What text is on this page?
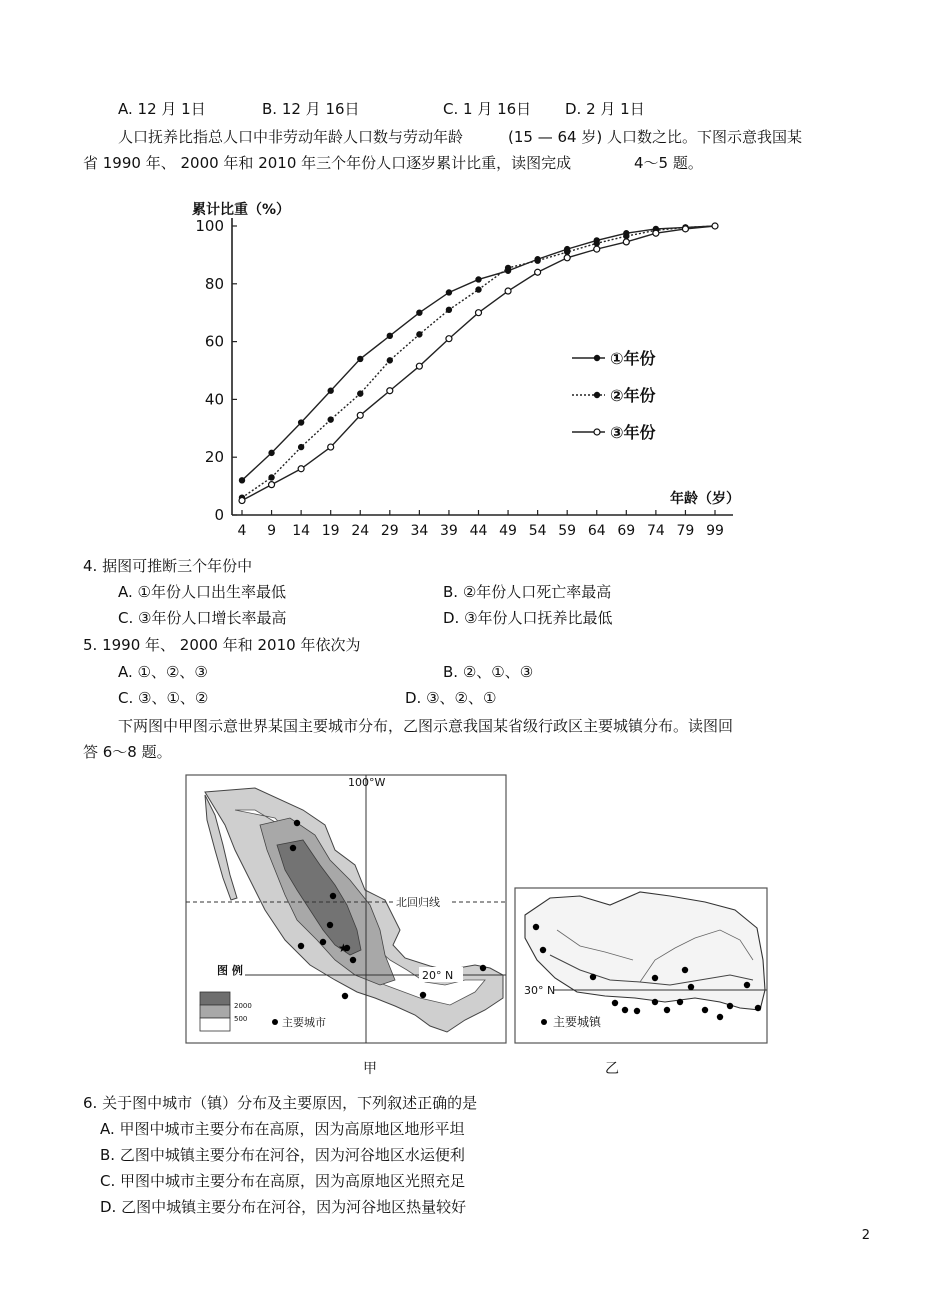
A. 12 月 1日	B. 12 月 16日	C. 1 月 16日 D. 2 月 1日
人口抚养比指总人口中非劳动年龄人口数与劳动年龄	(15 — 64 岁) 人口数之比。下图示意我国某
省 1990 年、 2000 年和 2010 年三个年份人口逐岁累计比重，读图完成	4～5 题。
0
20
40
60
80
100
4 9 14 19 24 29 34 39 44 49 54 59 64 69 74 79 99
累计比重（%）
年龄（岁）
①年份
②年份
③年份
4. 据图可推断三个年份中
A. ①年份人口出生率最低	B. ②年份人口死亡率最高
C. ③年份人口增长率最高	D. ③年份人口抚养比最低
5. 1990 年、 2000 年和 2010 年依次为
A. ①、②、③	B. ②、①、③
C. ③、①、②	D. ③、②、①
下两图中甲图示意世界某国主要城市分布，乙图示意我国某省级行政区主要城镇分布。读图回
答 6～8 题。
100°W
北回归线
20° N
★
图 例
2000
500	主要城市
甲
30° N
主要城镇
乙
6. 关于图中城市（镇）分布及主要原因，下列叙述正确的是
A. 甲图中城市主要分布在高原，因为高原地区地形平坦
B. 乙图中城镇主要分布在河谷，因为河谷地区水运便利
C. 甲图中城市主要分布在高原，因为高原地区光照充足
D. 乙图中城镇主要分布在河谷，因为河谷地区热量较好
2
